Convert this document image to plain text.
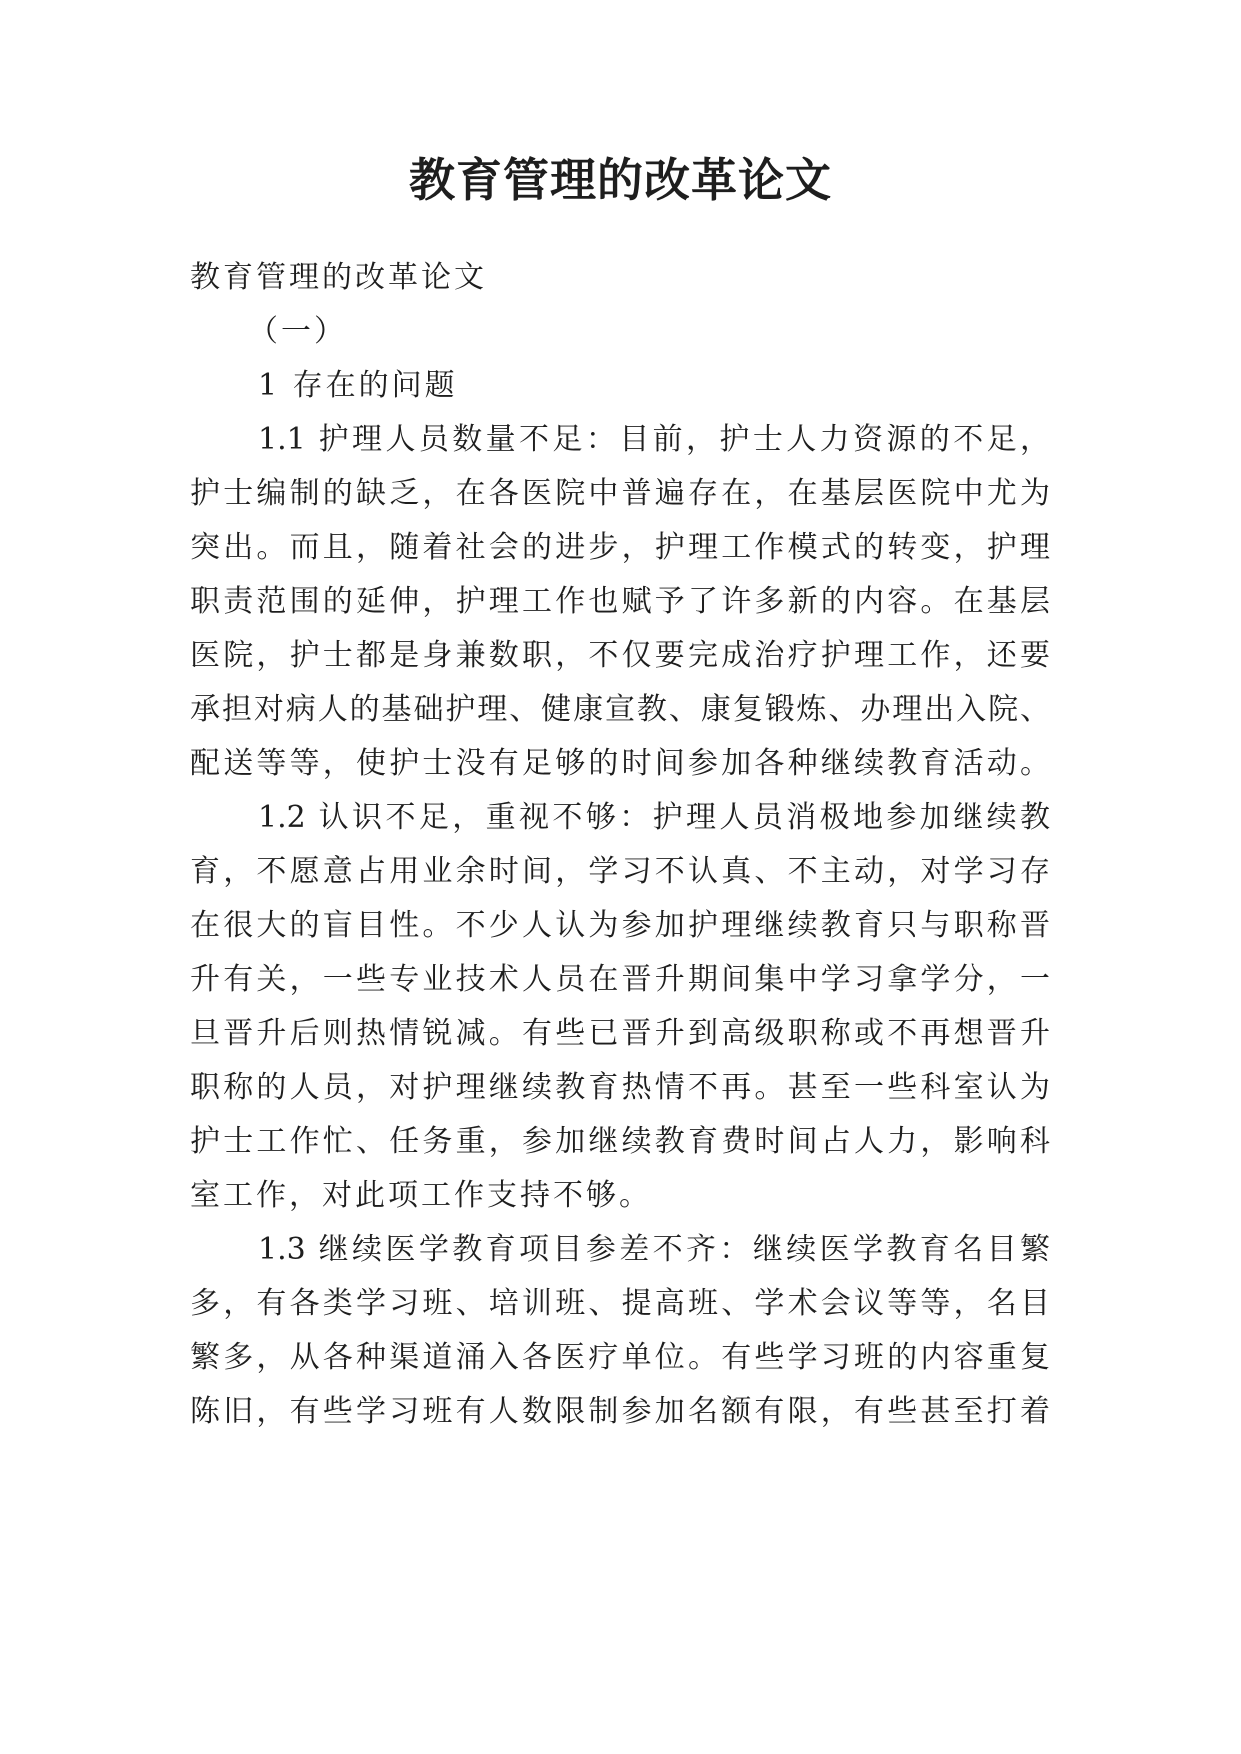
教育管理的改革论文
教育管理的改革论文
（一）
1 存在的问题
1.1 护理人员数量不足：目前，护士人力资源的不足，
护士编制的缺乏，在各医院中普遍存在，在基层医院中尤为
突出。而且，随着社会的进步，护理工作模式的转变，护理
职责范围的延伸，护理工作也赋予了许多新的内容。在基层
医院，护士都是身兼数职，不仅要完成治疗护理工作，还要
承担对病人的基础护理、健康宣教、康复锻炼、办理出入院、
配送等等，使护士没有足够的时间参加各种继续教育活动。
1.2 认识不足，重视不够：护理人员消极地参加继续教
育，不愿意占用业余时间，学习不认真、不主动，对学习存
在很大的盲目性。不少人认为参加护理继续教育只与职称晋
升有关，一些专业技术人员在晋升期间集中学习拿学分，一
旦晋升后则热情锐减。有些已晋升到高级职称或不再想晋升
职称的人员，对护理继续教育热情不再。甚至一些科室认为
护士工作忙、任务重，参加继续教育费时间占人力，影响科
室工作，对此项工作支持不够。
1.3 继续医学教育项目参差不齐：继续医学教育名目繁
多，有各类学习班、培训班、提高班、学术会议等等，名目
繁多，从各种渠道涌入各医疗单位。有些学习班的内容重复
陈旧，有些学习班有人数限制参加名额有限，有些甚至打着
